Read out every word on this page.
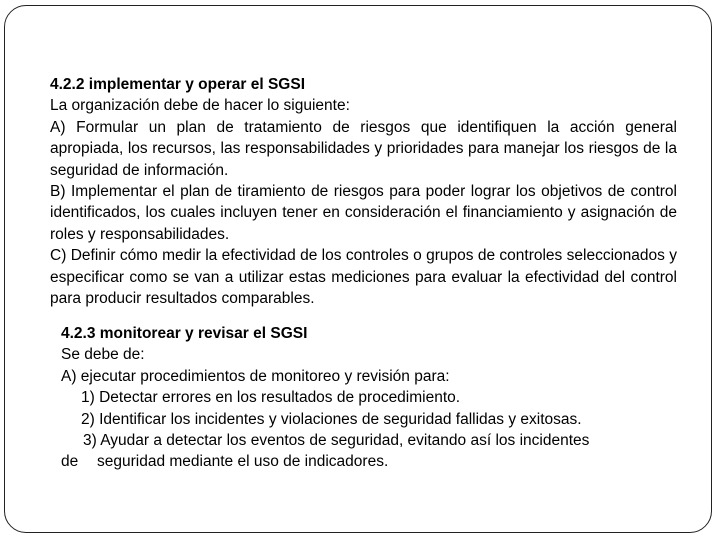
4.2.2 implementar y operar el SGSI

La organización debe de hacer lo siguiente:

A) Formular un plan de tratamiento de riesgos que identifiquen la acción general apropiada, los recursos, las responsabilidades y prioridades para manejar los riesgos de la seguridad de información.

B) Implementar el plan de tiramiento de riesgos para poder lograr los objetivos de control identificados, los cuales incluyen tener en consideración el financiamiento y asignación de roles y responsabilidades.

C) Definir cómo medir la efectividad de los controles o grupos de controles seleccionados y especificar como se van a utilizar estas mediciones para evaluar la efectividad del control para producir resultados comparables.

4.2.3 monitorear y revisar el SGSI

Se debe de:

A) ejecutar procedimientos de monitoreo y revisión para:

1) Detectar errores en los resultados de procedimiento.

2) Identificar los incidentes y violaciones de seguridad fallidas y exitosas.

3) Ayudar a detectar los eventos de seguridad, evitando así los incidentes

de seguridad mediante el uso de indicadores.
